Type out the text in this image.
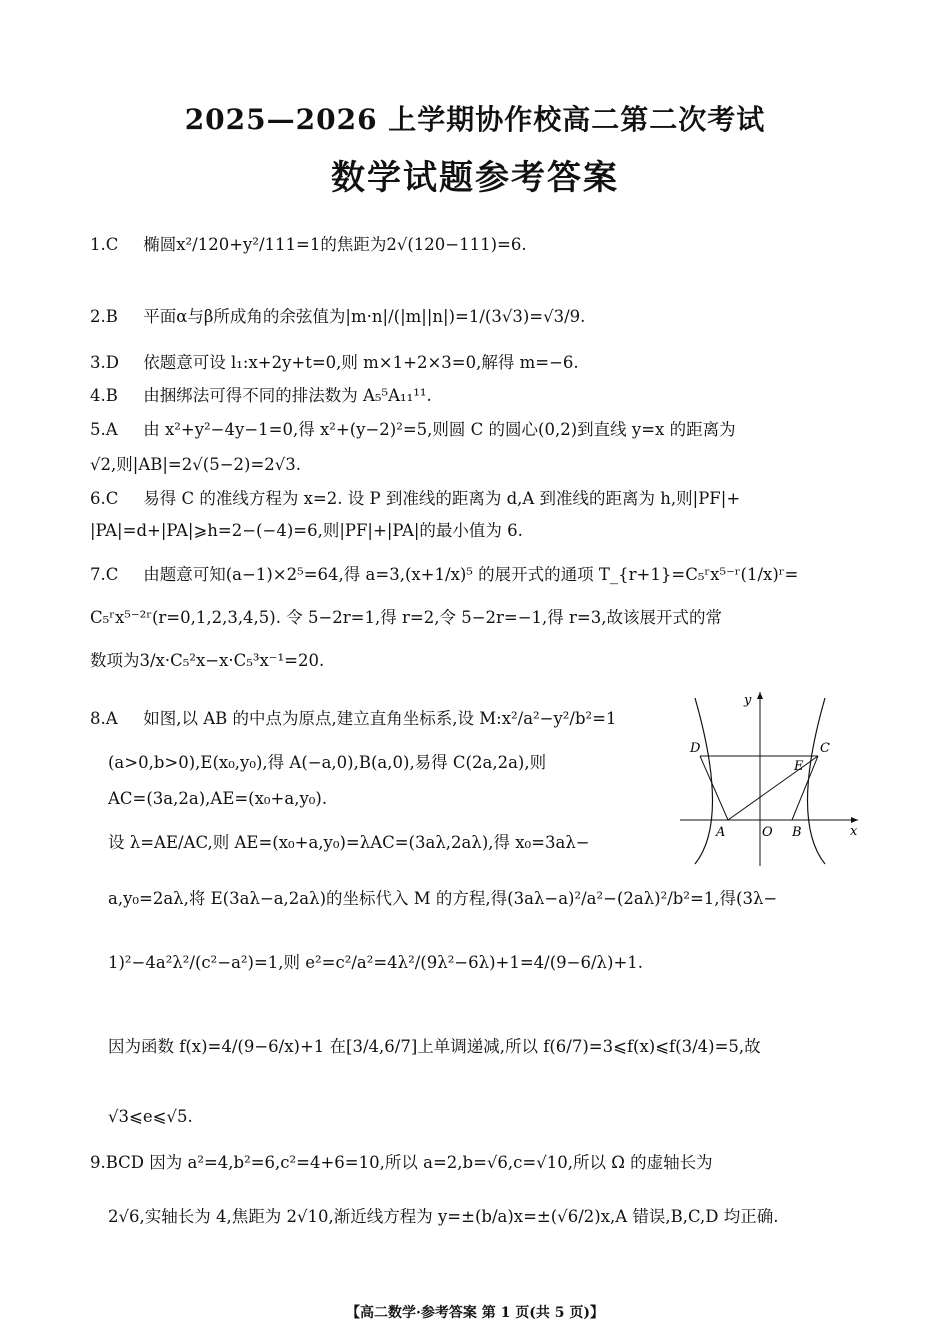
2025—2026 上学期协作校高二第二次考试
数学试题参考答案
1.C 椭圆x²/120+y²/111=1的焦距为2√(120−111)=6.
2.B 平面α与β所成角的余弦值为|m·n|/(|m||n|)=1/(3√3)=√3/9.
3.D 依题意可设 l₁:x+2y+t=0,则 m×1+2×3=0,解得 m=−6.
4.B 由捆绑法可得不同的排法数为 A₅⁵A₁₁¹¹.
5.A 由 x²+y²−4y−1=0,得 x²+(y−2)²=5,则圆 C 的圆心(0,2)到直线 y=x 的距离为
√2,则|AB|=2√(5−2)=2√3.
6.C 易得 C 的准线方程为 x=2. 设 P 到准线的距离为 d,A 到准线的距离为 h,则|PF|+
|PA|=d+|PA|⩾h=2−(−4)=6,则|PF|+|PA|的最小值为 6.
7.C 由题意可知(a−1)×2⁵=64,得 a=3,(x+1/x)⁵ 的展开式的通项 T_{r+1}=C₅ʳx⁵⁻ʳ(1/x)ʳ=
C₅ʳx⁵⁻²ʳ(r=0,1,2,3,4,5). 令 5−2r=1,得 r=2,令 5−2r=−1,得 r=3,故该展开式的常
数项为3/x·C₅²x−x·C₅³x⁻¹=20.
8.A 如图,以 AB 的中点为原点,建立直角坐标系,设 M:x²/a²−y²/b²=1
(a>0,b>0),E(x₀,y₀),得 A(−a,0),B(a,0),易得 C(2a,2a),则
AC=(3a,2a),AE=(x₀+a,y₀).
设 λ=AE/AC,则 AE=(x₀+a,y₀)=λAC=(3aλ,2aλ),得 x₀=3aλ−
a,y₀=2aλ,将 E(3aλ−a,2aλ)的坐标代入 M 的方程,得(3aλ−a)²/a²−(2aλ)²/b²=1,得(3λ−
1)²−4a²λ²/(c²−a²)=1,则 e²=c²/a²=4λ²/(9λ²−6λ)+1=4/(9−6/λ)+1.
因为函数 f(x)=4/(9−6/x)+1 在[3/4,6/7]上单调递减,所以 f(6/7)=3⩽f(x)⩽f(3/4)=5,故
√3⩽e⩽√5.
9.BCD 因为 a²=4,b²=6,c²=4+6=10,所以 a=2,b=√6,c=√10,所以 Ω 的虚轴长为
2√6,实轴长为 4,焦距为 2√10,渐近线方程为 y=±(b/a)x=±(√6/2)x,A 错误,B,C,D 均正确.
y
x
D	C
E
A	O B
【高二数学·参考答案 第 1 页(共 5 页)】
